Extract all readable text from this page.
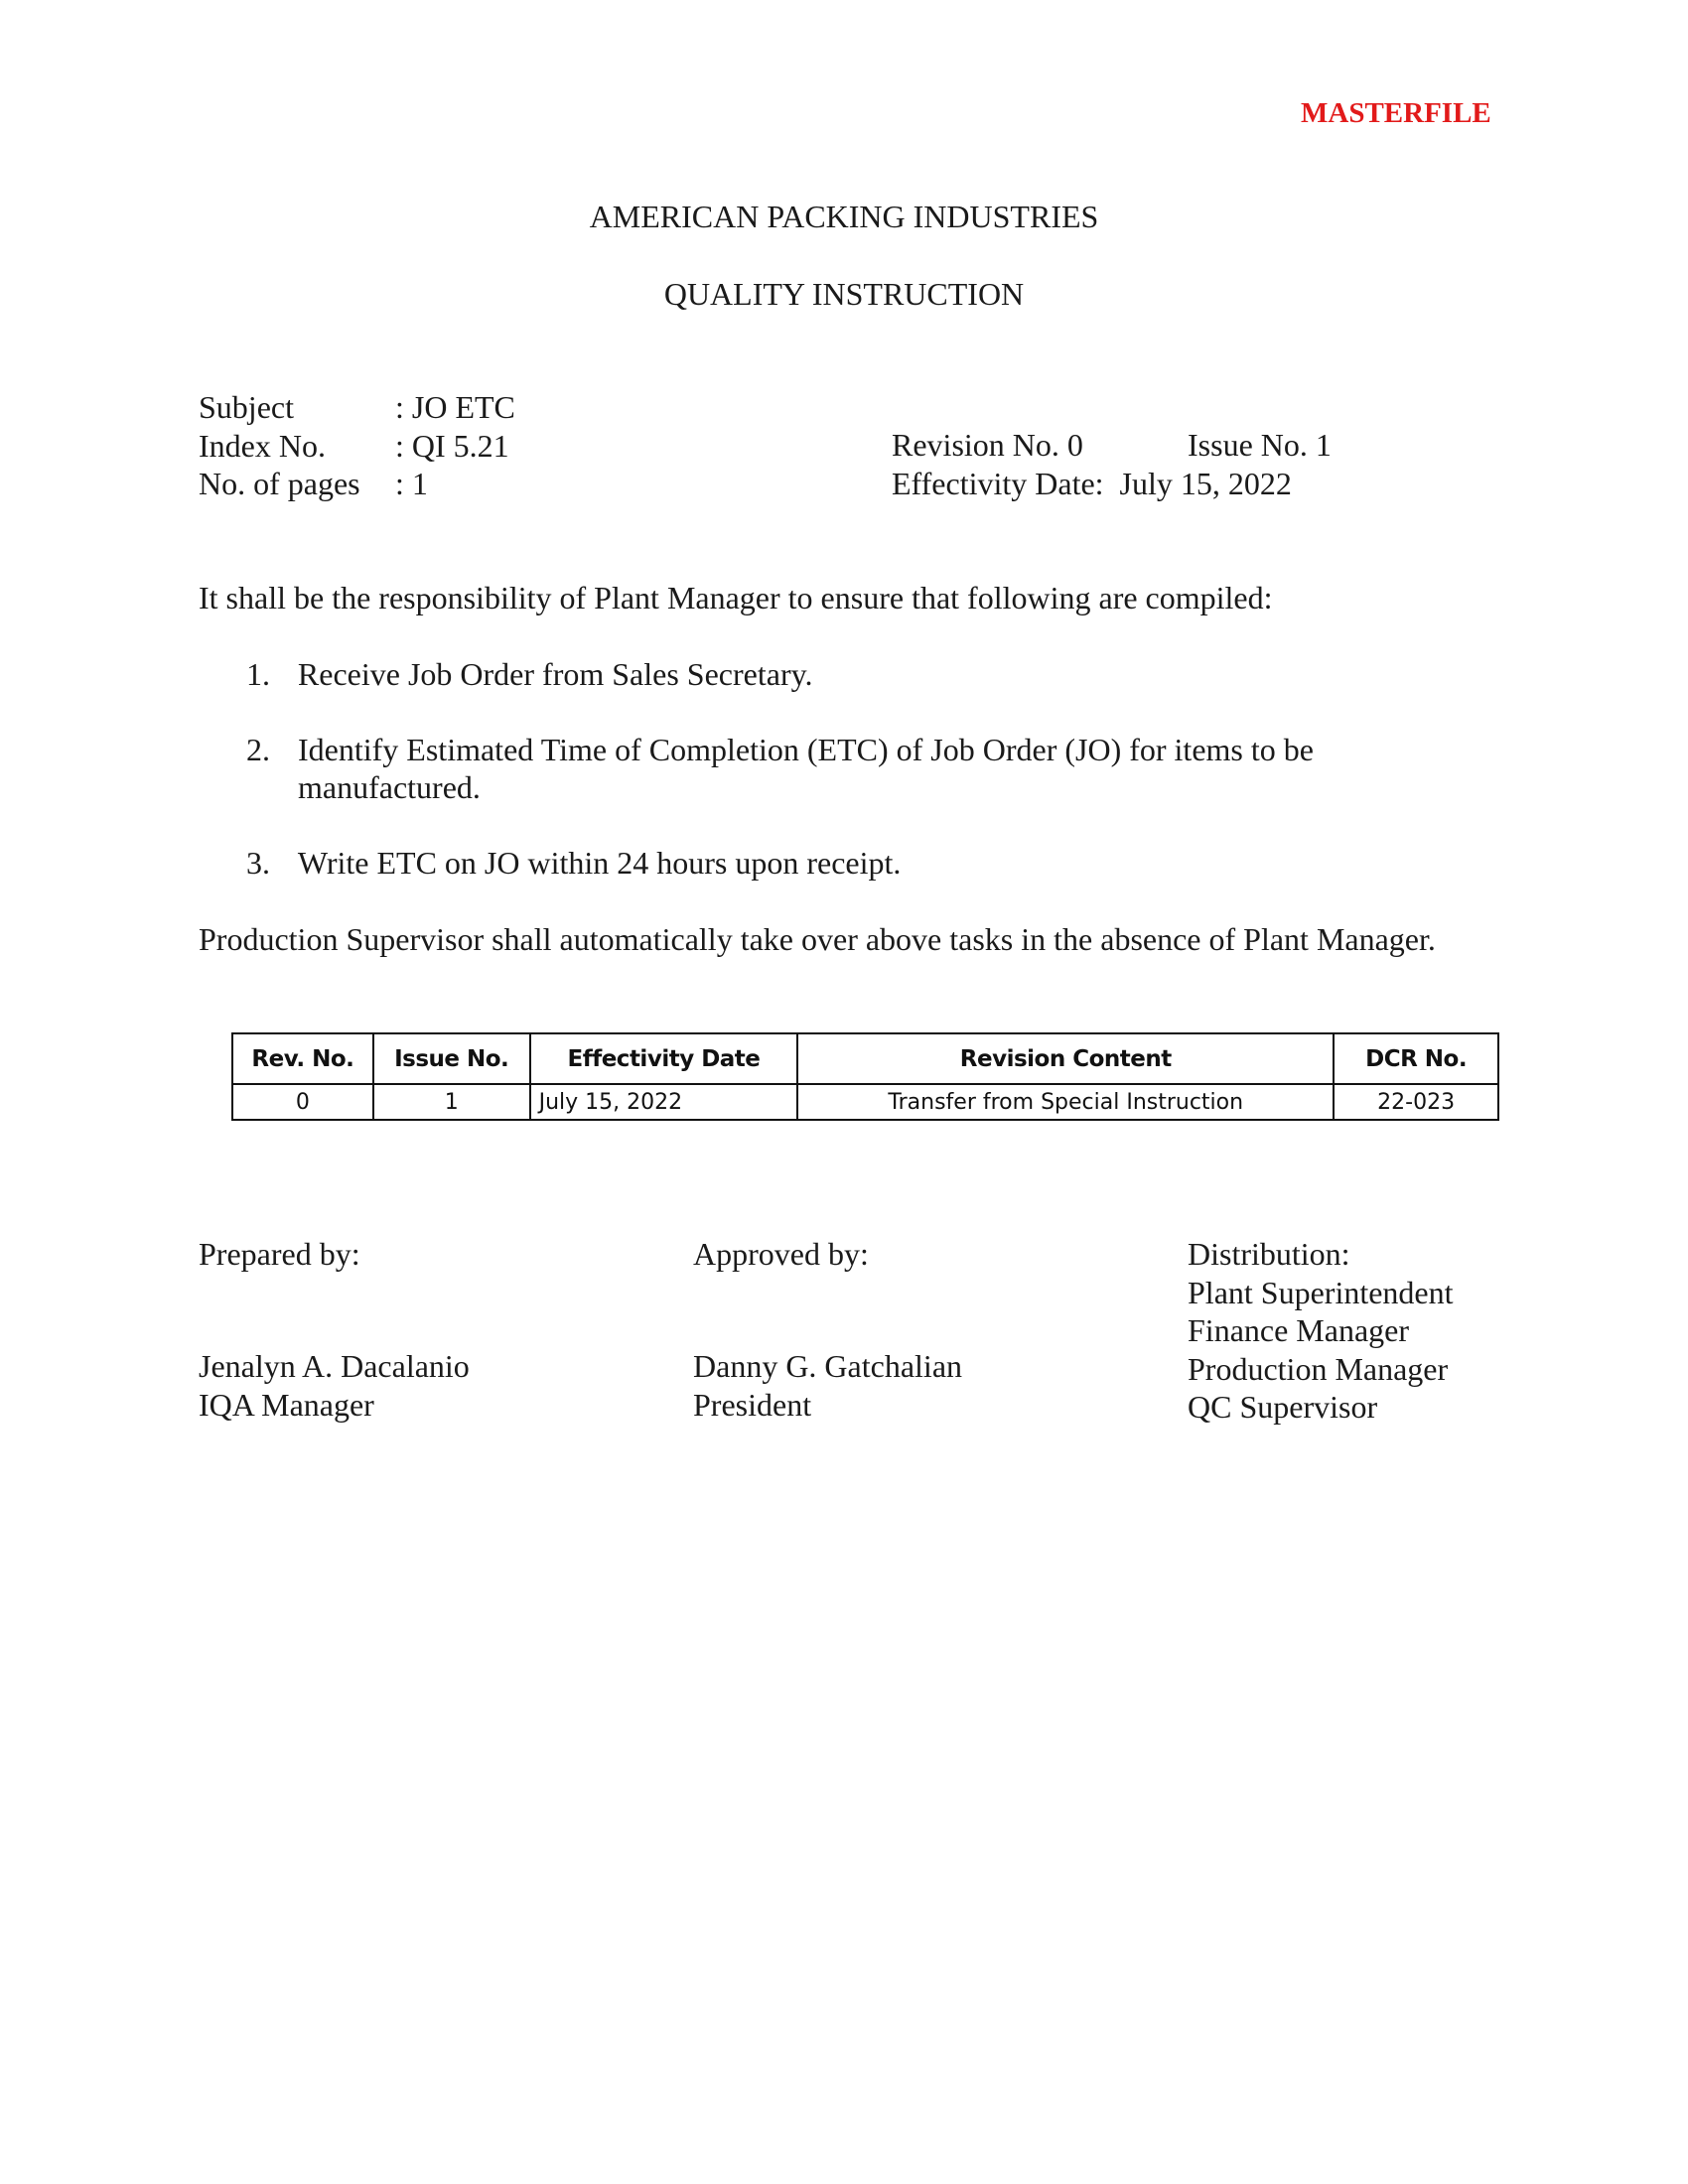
MASTERFILE
AMERICAN PACKING INDUSTRIES
QUALITY INSTRUCTION
Subject	: JO ETC
Index No.	: QI 5.21
No. of pages	: 1
Revision No. 0	Issue No. 1
Effectivity Date:  July 15, 2022
It shall be the responsibility of Plant Manager to ensure that following are compiled:
1. Receive Job Order from Sales Secretary.
2. Identify Estimated Time of Completion (ETC) of Job Order (JO) for items to be manufactured.
3. Write ETC on JO within 24 hours upon receipt.
Production Supervisor shall automatically take over above tasks in the absence of Plant Manager.
Rev. No.	Issue No.	Effectivity Date	Revision Content	DCR No.
0	1	July 15, 2022	Transfer from Special Instruction	22-023
Prepared by:
Jenalyn A. Dacalanio
IQA Manager
Approved by:
Danny G. Gatchalian
President
Distribution:
Plant Superintendent
Finance Manager
Production Manager
QC Supervisor
